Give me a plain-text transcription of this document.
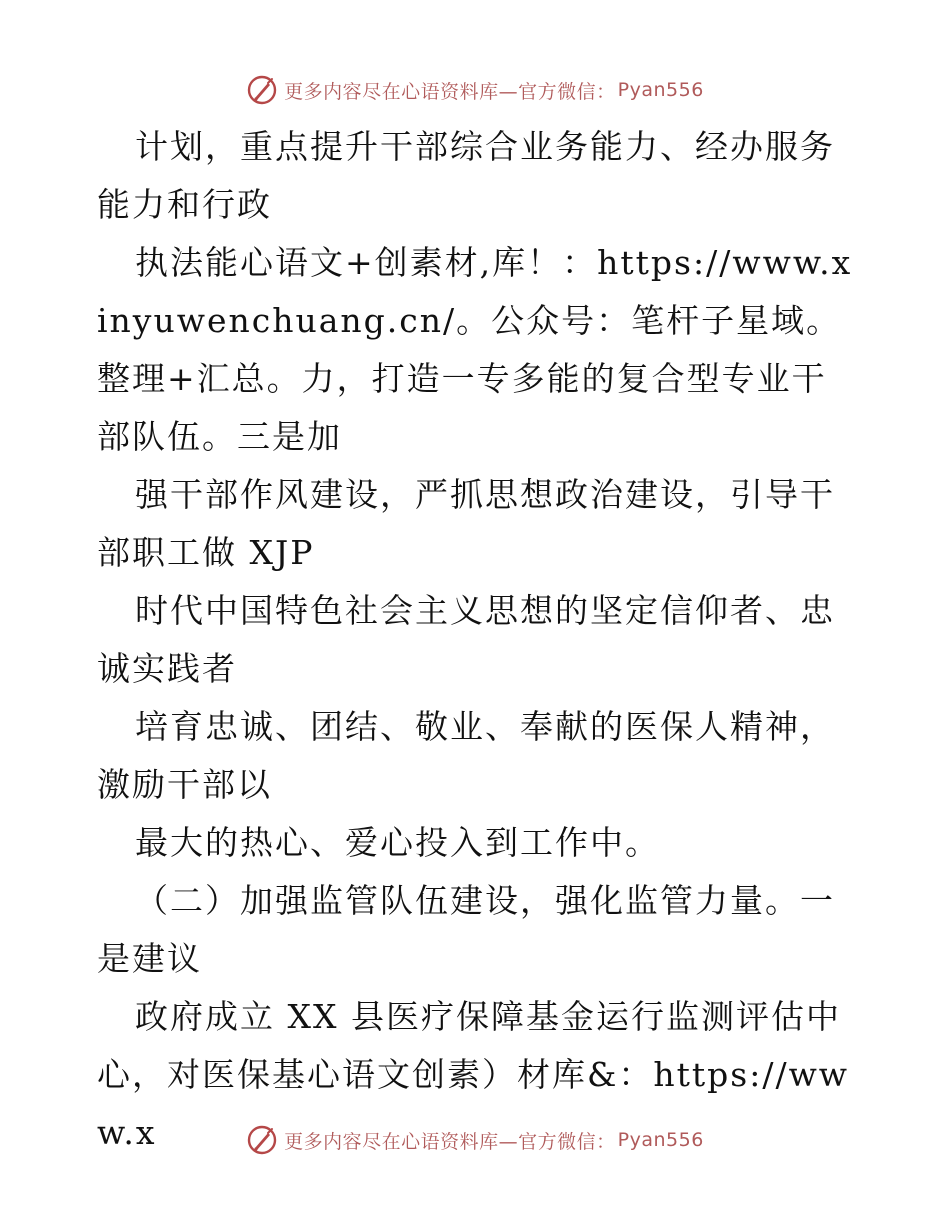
更多内容尽在心语资料库—官方微信： Pyan556

计划，重点提升干部综合业务能力、经办服务能力和行政

执法能心语文+创素材,库！：https://www.xinyuwenchuang.cn/。公众号：笔杆子星域。整理+汇总。力，打造一专多能的复合型专业干部队伍。三是加

强干部作风建设，严抓思想政治建设，引导干部职工做 XJP

时代中国特色社会主义思想的坚定信仰者、忠诚实践者

培育忠诚、团结、敬业、奉献的医保人精神，激励干部以

最大的热心、爱心投入到工作中。

（二）加强监管队伍建设，强化监管力量。一是建议

政府成立 XX 县医疗保障基金运行监测评估中心，对医保基心语文创素）材库&：https://www.x	更多内容尽在心语资料库—官方微信： Pyan556
